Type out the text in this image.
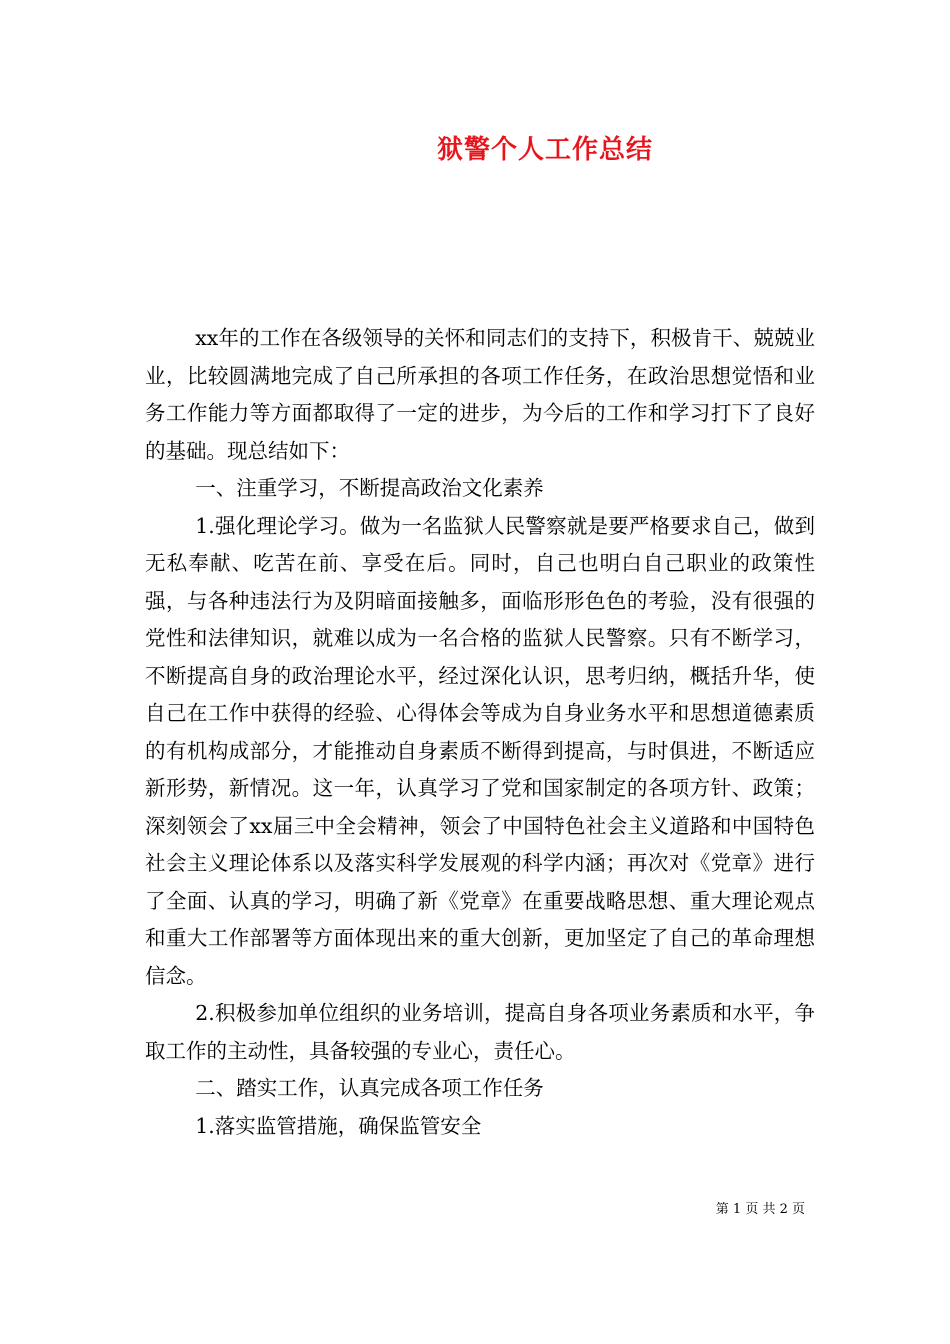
狱警个人工作总结

xx年的工作在各级领导的关怀和同志们的支持下，积极肯干、兢兢业业，比较圆满地完成了自己所承担的各项工作任务，在政治思想觉悟和业务工作能力等方面都取得了一定的进步，为今后的工作和学习打下了良好的基础。现总结如下：

一、注重学习，不断提高政治文化素养

1.强化理论学习。做为一名监狱人民警察就是要严格要求自己，做到无私奉献、吃苦在前、享受在后。同时，自己也明白自己职业的政策性强，与各种违法行为及阴暗面接触多，面临形形色色的考验，没有很强的党性和法律知识，就难以成为一名合格的监狱人民警察。只有不断学习，不断提高自身的政治理论水平，经过深化认识，思考归纳，概括升华，使自己在工作中获得的经验、心得体会等成为自身业务水平和思想道德素质的有机构成部分，才能推动自身素质不断得到提高，与时俱进，不断适应新形势，新情况。这一年，认真学习了党和国家制定的各项方针、政策；深刻领会了xx届三中全会精神，领会了中国特色社会主义道路和中国特色社会主义理论体系以及落实科学发展观的科学内涵；再次对《党章》进行了全面、认真的学习，明确了新《党章》在重要战略思想、重大理论观点和重大工作部署等方面体现出来的重大创新，更加坚定了自己的革命理想信念。

2.积极参加单位组织的业务培训，提高自身各项业务素质和水平，争取工作的主动性，具备较强的专业心，责任心。

二、踏实工作，认真完成各项工作任务

1.落实监管措施，确保监管安全

第 1 页 共 2 页
